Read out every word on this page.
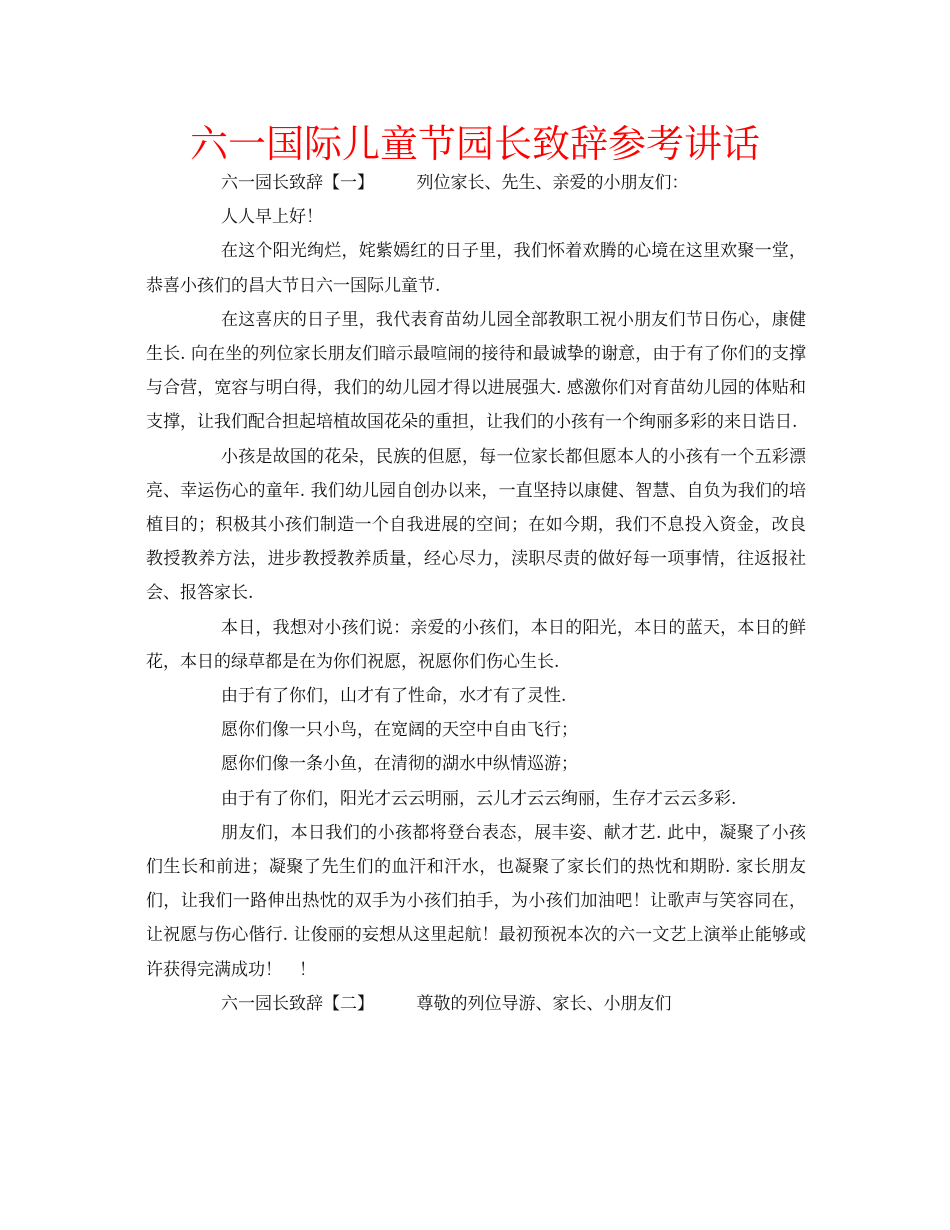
六一国际儿童节园长致辞参考讲话

六一园长致辞【一】　　　列位家长、先生、亲爱的小朋友们：

人人早上好！

在这个阳光绚烂，姹紫嫣红的日子里，我们怀着欢腾的心境在这里欢聚一堂，恭喜小孩们的昌大节日六一国际儿童节.

在这喜庆的日子里，我代表育苗幼儿园全部教职工祝小朋友们节日伤心，康健生长. 向在坐的列位家长朋友们暗示最喧闹的接待和最诚挚的谢意，由于有了你们的支撑与合营，宽容与明白得，我们的幼儿园才得以进展强大. 感激你们对育苗幼儿园的体贴和支撑，让我们配合担起培植故国花朵的重担，让我们的小孩有一个绚丽多彩的来日诰日.

小孩是故国的花朵，民族的但愿，每一位家长都但愿本人的小孩有一个五彩漂亮、幸运伤心的童年. 我们幼儿园自创办以来，一直坚持以康健、智慧、自负为我们的培植目的；积极其小孩们制造一个自我进展的空间；在如今期，我们不息投入资金，改良教授教养方法，进步教授教养质量，经心尽力，渎职尽责的做好每一项事情，往返报社会、报答家长.

本日，我想对小孩们说：亲爱的小孩们，本日的阳光，本日的蓝天，本日的鲜花，本日的绿草都是在为你们祝愿，祝愿你们伤心生长.

由于有了你们，山才有了性命，水才有了灵性.

愿你们像一只小鸟，在宽阔的天空中自由飞行；

愿你们像一条小鱼，在清彻的湖水中纵情巡游；

由于有了你们，阳光才云云明丽，云儿才云云绚丽，生存才云云多彩.

朋友们，本日我们的小孩都将登台表态，展丰姿、献才艺. 此中，凝聚了小孩们生长和前进；凝聚了先生们的血汗和汗水，也凝聚了家长们的热忱和期盼. 家长朋友们，让我们一路伸出热忱的双手为小孩们拍手，为小孩们加油吧！让歌声与笑容同在，让祝愿与伤心偕行. 让俊丽的妄想从这里起航！最初预祝本次的六一文艺上演举止能够或许获得完满成功！　！

六一园长致辞【二】　　　尊敬的列位导游、家长、小朋友们
